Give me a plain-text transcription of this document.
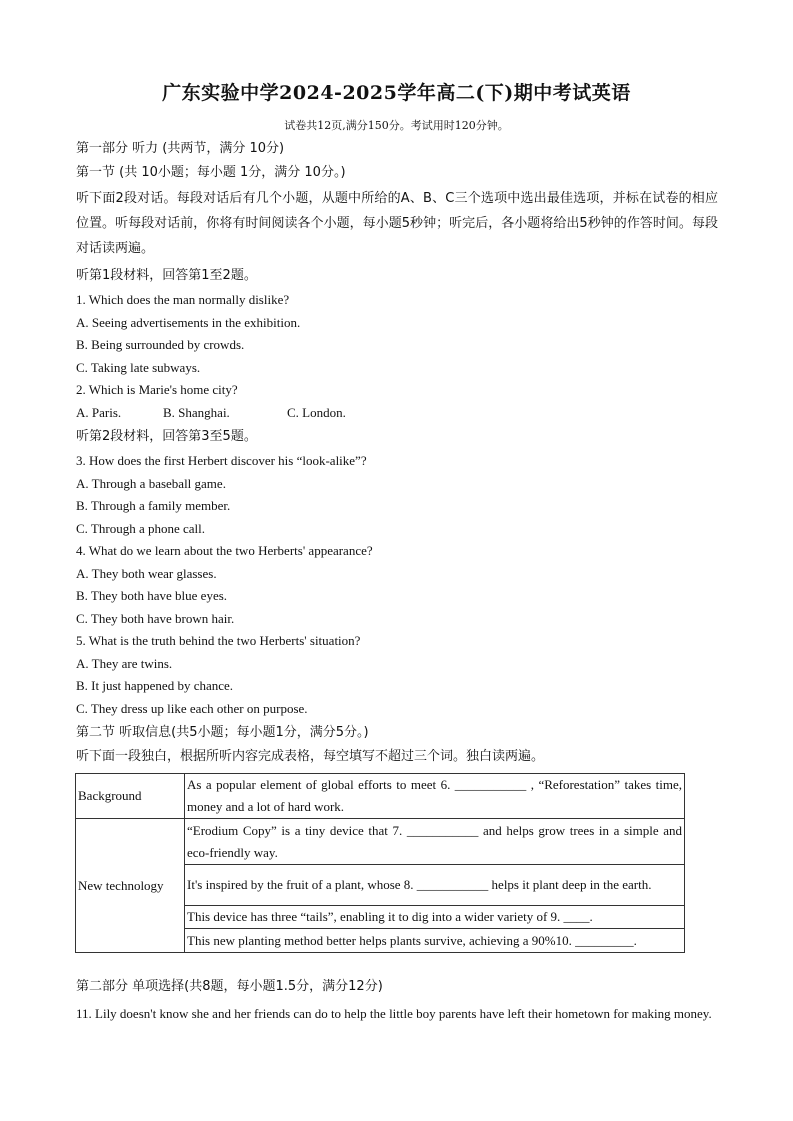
广东实验中学2024-2025学年高二(下)期中考试英语
试卷共12页,满分150分。考试用时120分钟。
第一部分 听力 (共两节，满分 10分)
第一节 (共 10小题；每小题 1分，满分 10分。)
听下面2段对话。每段对话后有几个小题，从题中所给的A、B、C三个选项中选出最佳选项，并标在试卷的相应位置。听每段对话前，你将有时间阅读各个小题，每小题5秒钟；听完后，各小题将给出5秒钟的作答时间。每段对话读两遍。
听第1段材料，回答第1至2题。
1. Which does the man normally dislike?
A. Seeing advertisements in the exhibition.
B. Being surrounded by crowds.
C. Taking late subways.
2. Which is Marie's home city?
A. Paris.	B. Shanghai.	C. London.
听第2段材料，回答第3至5题。
3. How does the first Herbert discover his “look-alike”?
A. Through a baseball game.
B. Through a family member.
C. Through a phone call.
4. What do we learn about the two Herberts' appearance?
A. They both wear glasses.
B. They both have blue eyes.
C. They both have brown hair.
5. What is the truth behind the two Herberts' situation?
A. They are twins.
B. It just happened by chance.
C. They dress up like each other on purpose.
第二节 听取信息(共5小题；每小题1分，满分5分。)
听下面一段独白，根据所听内容完成表格，每空填写不超过三个词。独白读两遍。
Background	As a popular element of global efforts to meet 6. ___________ , “Reforestation” takes time, money and a lot of hard work.
New technology	“Erodium Copy” is a tiny device that 7. ___________ and helps grow trees in a simple and eco-friendly way.
	It's inspired by the fruit of a plant, whose 8. ___________ helps it plant deep in the earth.
	This device has three “tails”, enabling it to dig into a wider variety of 9. ____.
	This new planting method better helps plants survive, achieving a 90%10. _________.
第二部分 单项选择(共8题，每小题1.5分，满分12分)
11. Lily doesn't know she and her friends can do to help the little boy parents have left their hometown for making money.
